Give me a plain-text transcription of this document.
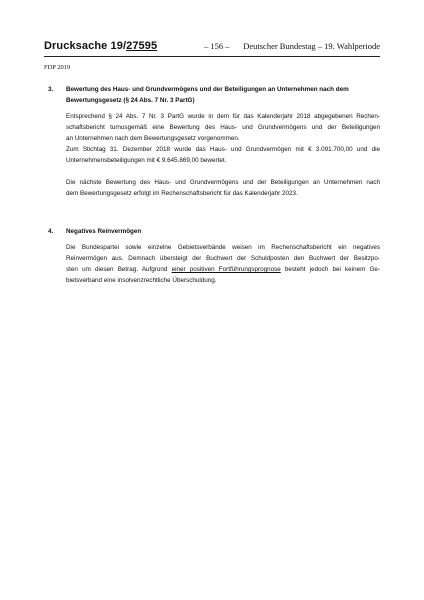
Drucksache 19/27595	– 156 – Deutscher Bundestag – 19. Wahlperiode
FDP 2019
3. Bewertung des Haus- und Grundvermögens und der Beteiligungen an Unternehmen nach dem
Bewertungsgesetz (§ 24 Abs. 7 Nr. 3 PartG)

Entsprechend § 24 Abs. 7 Nr. 3 PartG wurde in dem für das Kalenderjahr 2018 abgegebenen Rechen-
schaftsbericht turnusgemäß eine Bewertung des Haus- und Grundvermögens und der Beteiligungen
an Unternehmen nach dem Bewertungsgesetz vorgenommen.
Zum Stichtag 31. Dezember 2018 wurde das Haus- und Grundvermögen mit € 3.091.700,00 und die
Unternehmensbeteiligungen mit € 9.645.869,00 bewertet.

Die nächste Bewertung des Haus- und Grundvermögens und der Beteiligungen an Unternehmen nach
dem Bewertungsgesetz erfolgt im Rechenschaftsbericht für das Kalenderjahr 2023.

4. Negatives Reinvermögen

Die Bundespartei sowie einzelne Gebietsverbände weisen im Rechenschaftsbericht ein negatives
Reinvermögen aus. Demnach übersteigt der Buchwert der Schuldposten den Buchwert der Besitzpo-
sten um diesen Betrag. Aufgrund einer positiven Fortführungsprognose besteht jedoch bei keinem Ge-
bietsverband eine insolvenzrechtliche Überschuldung.
